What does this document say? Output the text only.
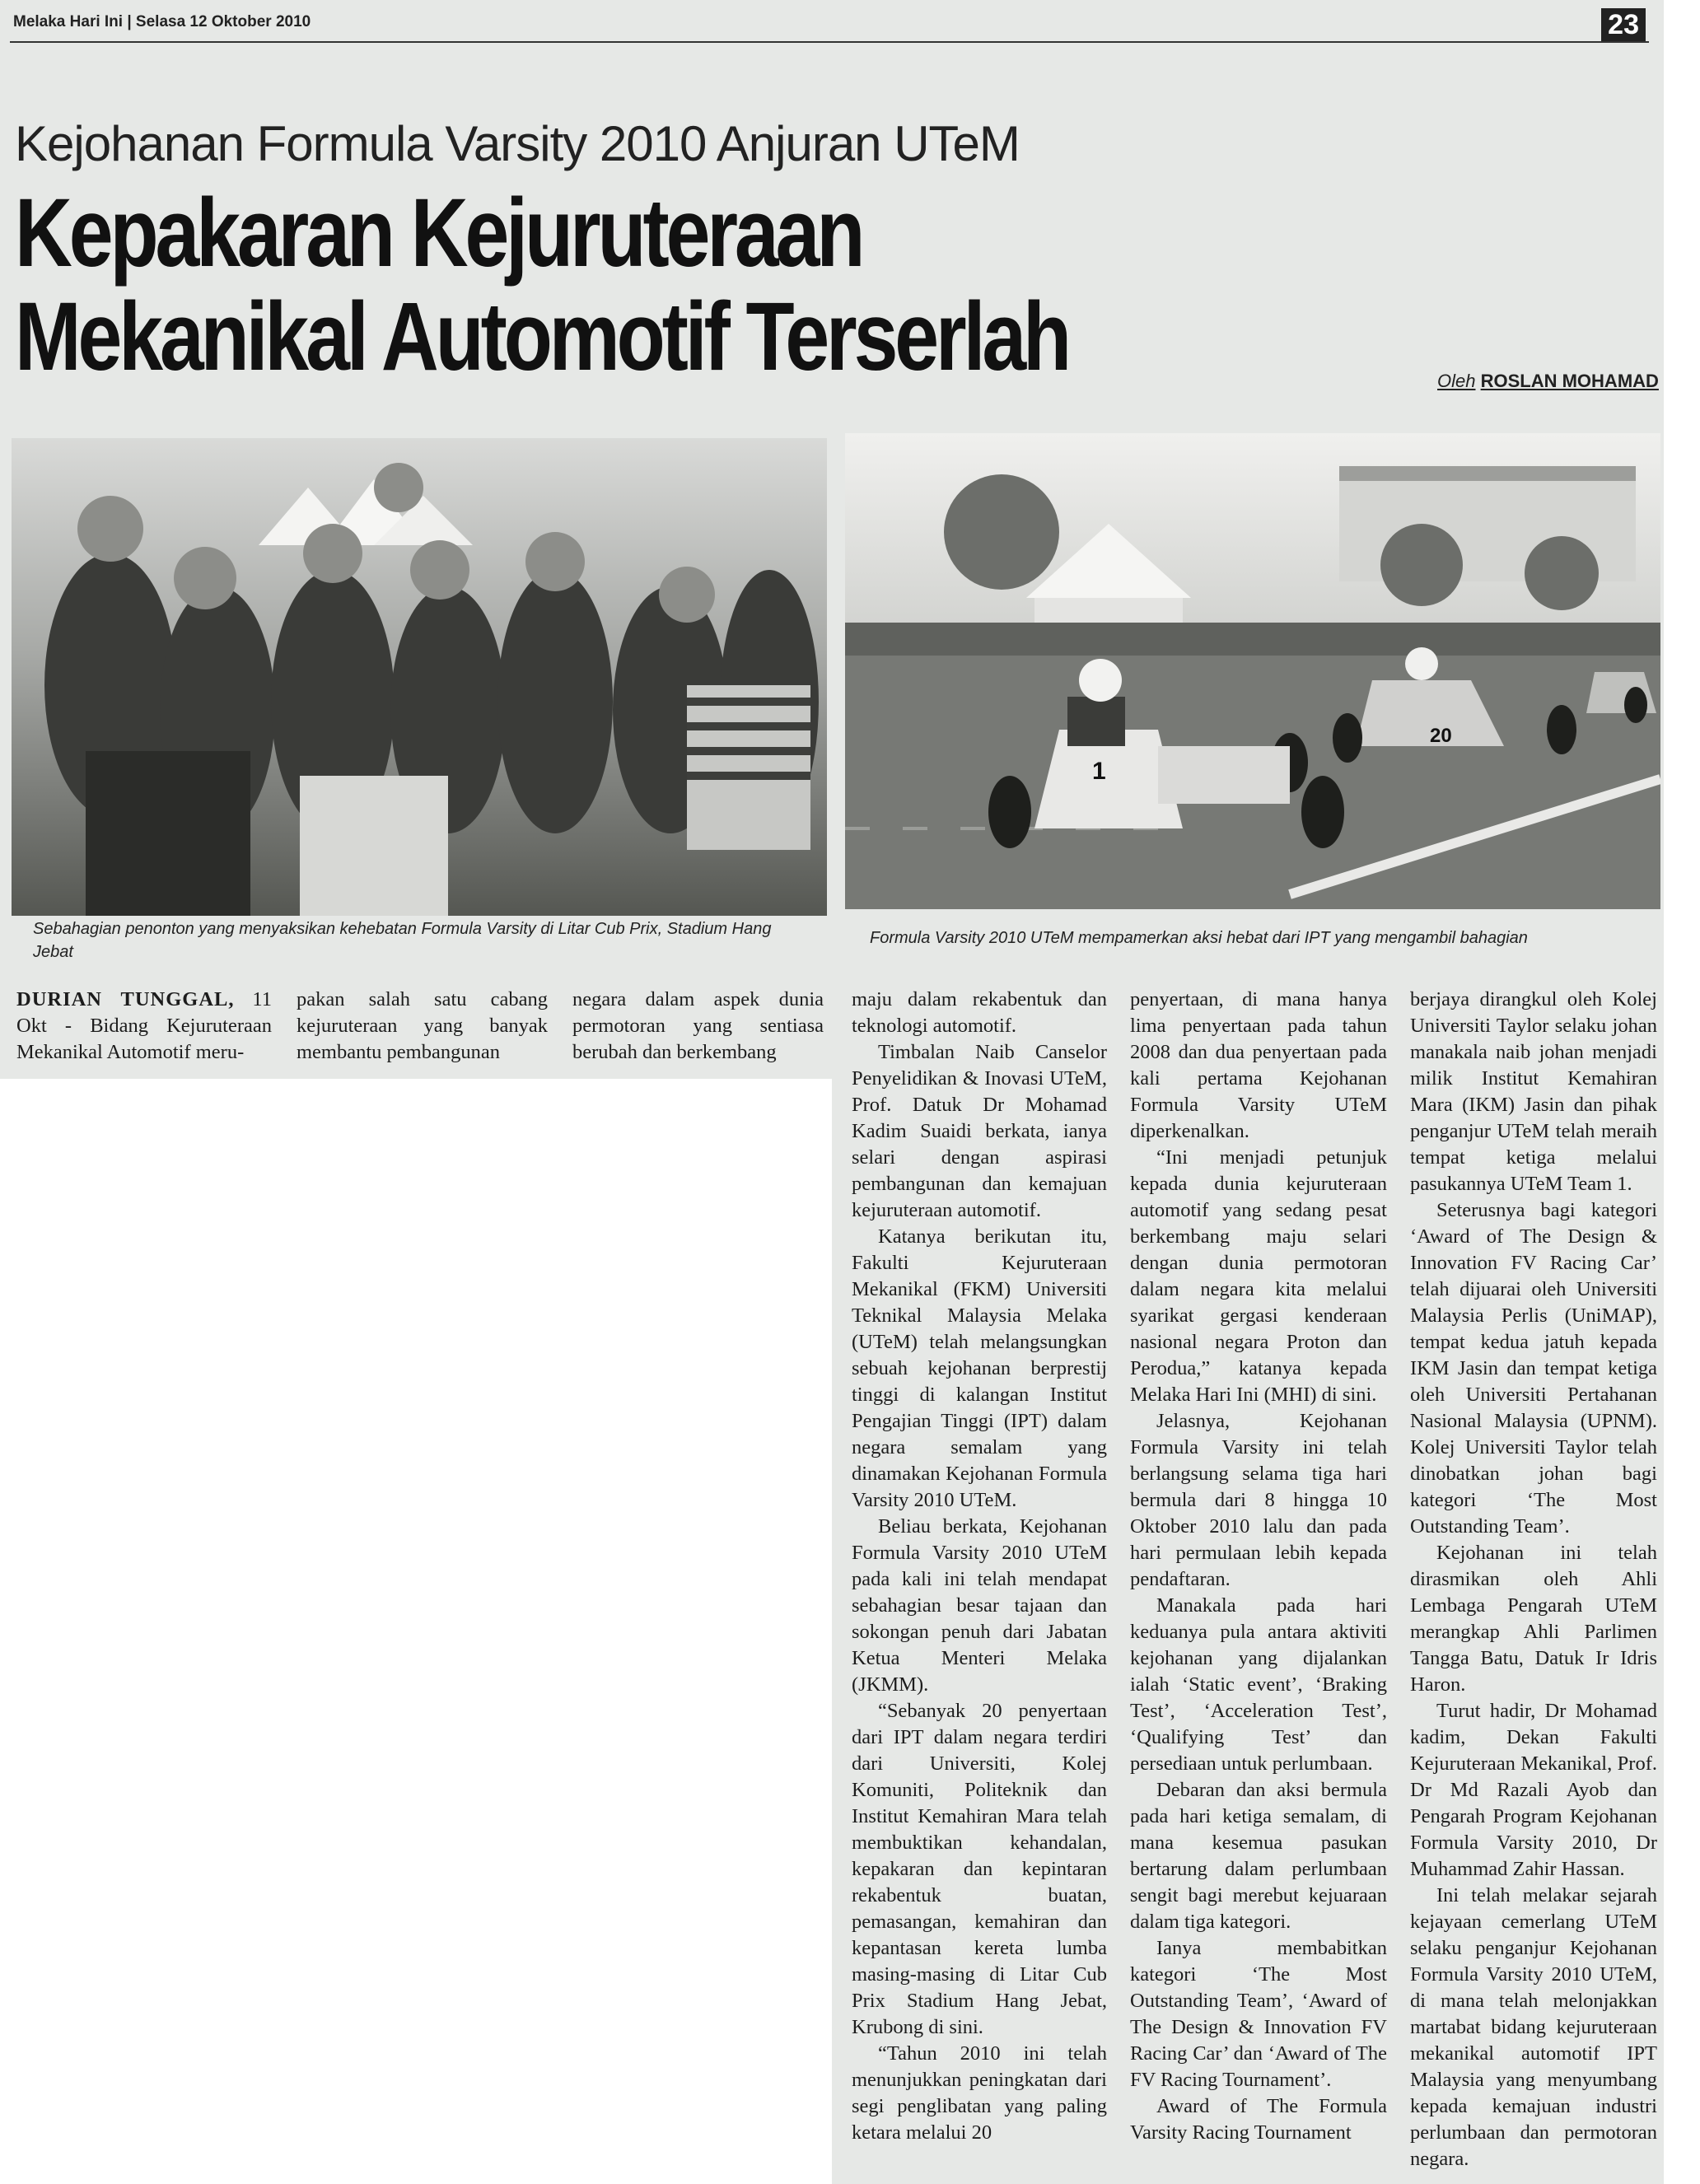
Melaka Hari Ini | Selasa 12 Oktober 2010	23
Kejohanan Formula Varsity 2010 Anjuran UTeM
Kepakaran Kejuruteraan
Mekanikal Automotif Terserlah	Oleh ROSLAN MOHAMAD
1
20
Sebahagian penonton yang menyaksikan kehebatan Formula Varsity di Litar Cub Prix, Stadium Hang Jebat
Formula Varsity 2010 UTeM mempamerkan aksi hebat dari IPT yang mengambil bahagian

DURIAN TUNGGAL, 11 Okt - Bidang Kejuruteraan Mekanikal Automotif meru-

pakan salah satu cabang kejuruteraan yang banyak membantu pembangunan

negara dalam aspek dunia permotoran yang sentiasa berubah dan berkembang

maju dalam rekabentuk dan teknologi automotif.

Timbalan Naib Canselor Penyelidikan & Inovasi UTeM, Prof. Datuk Dr Mohamad Kadim Suaidi berkata, ianya selari dengan aspirasi pembangunan dan kemajuan kejuruteraan automotif.

Katanya berikutan itu, Fakulti Kejuruteraan Mekanikal (FKM) Universiti Teknikal Malaysia Melaka (UTeM) telah melangsungkan sebuah kejohanan berprestij tinggi di kalangan Institut Pengajian Tinggi (IPT) dalam negara semalam yang dinamakan Kejohanan Formula Varsity 2010 UTeM.

Beliau berkata, Kejohanan Formula Varsity 2010 UTeM pada kali ini telah mendapat sebahagian besar tajaan dan sokongan penuh dari Jabatan Ketua Menteri Melaka (JKMM).

“Sebanyak 20 penyertaan dari IPT dalam negara terdiri dari Universiti, Kolej Komuniti, Politeknik dan Institut Kemahiran Mara telah membuktikan kehandalan, kepakaran dan kepintaran rekabentuk buatan, pemasangan, kemahiran dan kepantasan kereta lumba masing-masing di Litar Cub Prix Stadium Hang Jebat, Krubong di sini.

“Tahun 2010 ini telah menunjukkan peningkatan dari segi penglibatan yang paling ketara melalui 20

penyertaan, di mana hanya lima penyertaan pada tahun 2008 dan dua penyertaan pada kali pertama Kejohanan Formula Varsity UTeM diperkenalkan.

“Ini menjadi petunjuk kepada dunia kejuruteraan automotif yang sedang pesat berkembang maju selari dengan dunia permotoran dalam negara kita melalui syarikat gergasi kenderaan nasional negara Proton dan Perodua,” katanya kepada Melaka Hari Ini (MHI) di sini.

Jelasnya, Kejohanan Formula Varsity ini telah berlangsung selama tiga hari bermula dari 8 hingga 10 Oktober 2010 lalu dan pada hari permulaan lebih kepada pendaftaran.

Manakala pada hari keduanya pula antara aktiviti kejohanan yang dijalankan ialah ‘Static event’, ‘Braking Test’, ‘Acceleration Test’, ‘Qualifying Test’ dan persediaan untuk perlumbaan.

Debaran dan aksi bermula pada hari ketiga semalam, di mana kesemua pasukan bertarung dalam perlumbaan sengit bagi merebut kejuaraan dalam tiga kategori.

Ianya membabitkan kategori ‘The Most Outstanding Team’, ‘Award of The Design & Innovation FV Racing Car’ dan ‘Award of The FV Racing Tournament’.

Award of The Formula Varsity Racing Tournament

berjaya dirangkul oleh Kolej Universiti Taylor selaku johan manakala naib johan menjadi milik Institut Kemahiran Mara (IKM) Jasin dan pihak penganjur UTeM telah meraih tempat ketiga melalui pasukannya UTeM Team 1.

Seterusnya bagi kategori ‘Award of The Design & Innovation FV Racing Car’ telah dijuarai oleh Universiti Malaysia Perlis (UniMAP), tempat kedua jatuh kepada IKM Jasin dan tempat ketiga oleh Universiti Pertahanan Nasional Malaysia (UPNM). Kolej Universiti Taylor telah dinobatkan johan bagi kategori ‘The Most Outstanding Team’.

Kejohanan ini telah dirasmikan oleh Ahli Lembaga Pengarah UTeM merangkap Ahli Parlimen Tangga Batu, Datuk Ir Idris Haron.

Turut hadir, Dr Mohamad kadim, Dekan Fakulti Kejuruteraan Mekanikal, Prof. Dr Md Razali Ayob dan Pengarah Program Kejohanan Formula Varsity 2010, Dr Muhammad Zahir Hassan.

Ini telah melakar sejarah kejayaan cemerlang UTeM selaku penganjur Kejohanan Formula Varsity 2010 UTeM, di mana telah melonjakkan martabat bidang kejuruteraan mekanikal automotif IPT Malaysia yang menyumbang kepada kemajuan industri perlumbaan dan permotoran negara.
